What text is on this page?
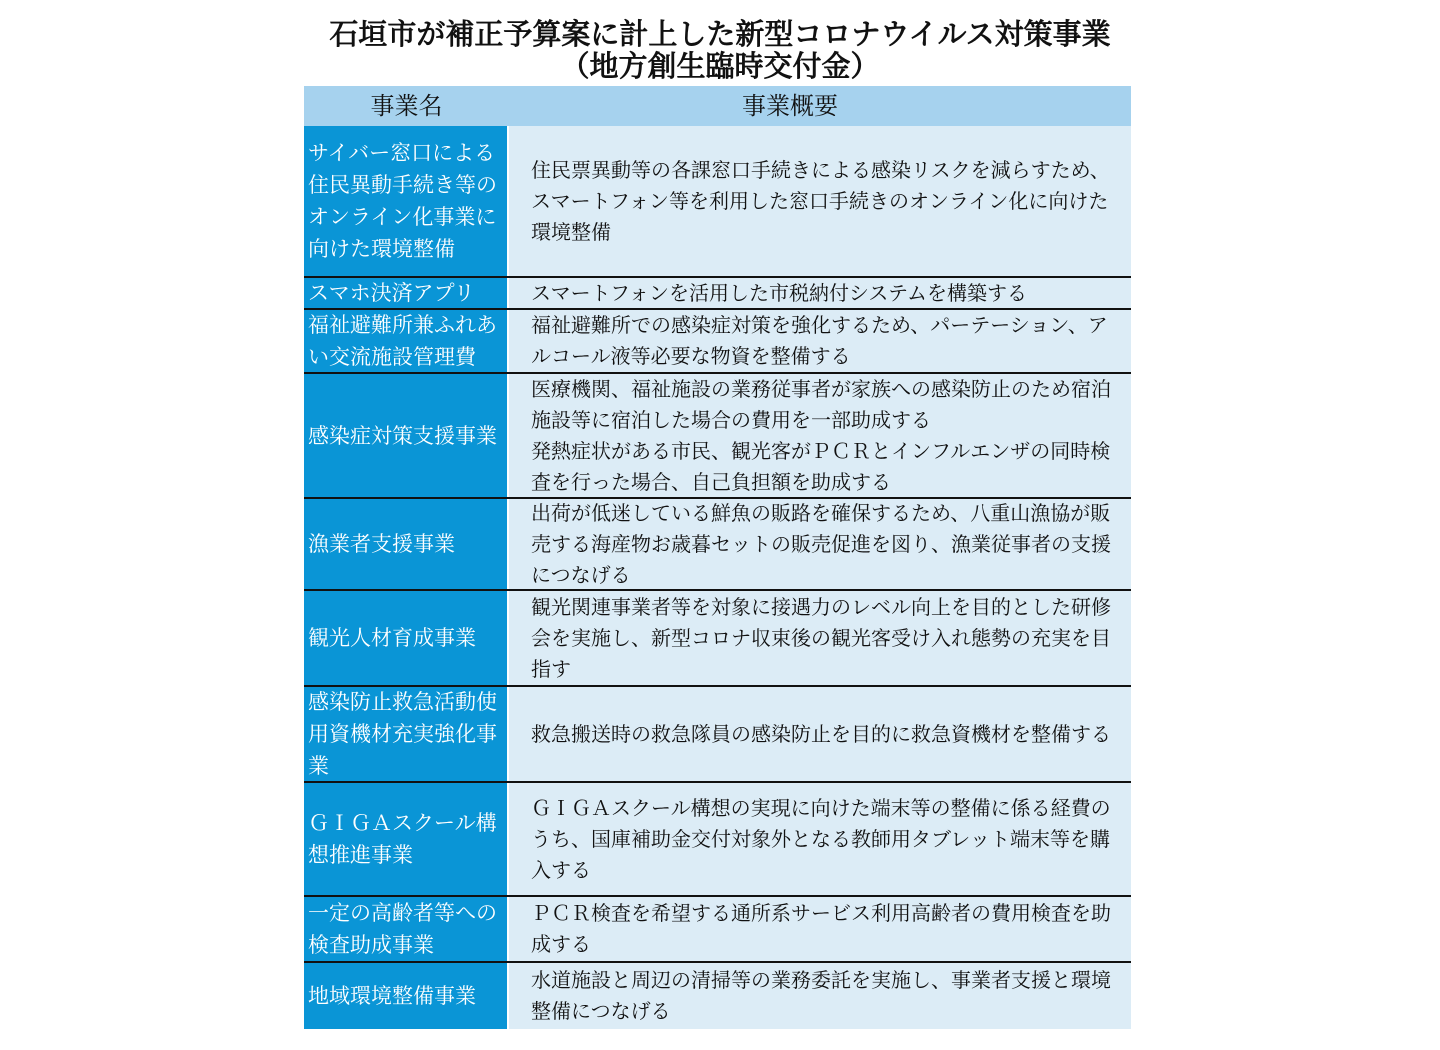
石垣市が補正予算案に計上した新型コロナウイルス対策事業
（地方創生臨時交付金）
事業名	事業概要
サイバー窓口による住民異動手続き等のオンライン化事業に向けた環境整備
住民票異動等の各課窓口手続きによる感染リスクを減らすため、スマートフォン等を利用した窓口手続きのオンライン化に向けた環境整備
スマホ決済アプリ	スマートフォンを活用した市税納付システムを構築する
福祉避難所兼ふれあい交流施設管理費
福祉避難所での感染症対策を強化するため、パーテーション、アルコール液等必要な物資を整備する
感染症対策支援事業
医療機関、福祉施設の業務従事者が家族への感染防止のため宿泊施設等に宿泊した場合の費用を一部助成する
発熱症状がある市民、観光客がＰＣＲとインフルエンザの同時検査を行った場合、自己負担額を助成する
漁業者支援事業
出荷が低迷している鮮魚の販路を確保するため、八重山漁協が販売する海産物お歳暮セットの販売促進を図り、漁業従事者の支援につなげる
観光人材育成事業
観光関連事業者等を対象に接遇力のレベル向上を目的とした研修会を実施し、新型コロナ収束後の観光客受け入れ態勢の充実を目指す
感染防止救急活動使用資機材充実強化事業
救急搬送時の救急隊員の感染防止を目的に救急資機材を整備する
ＧＩＧＡスクール構想推進事業
ＧＩＧＡスクール構想の実現に向けた端末等の整備に係る経費のうち、国庫補助金交付対象外となる教師用タブレット端末等を購入する
一定の高齢者等への検査助成事業
ＰＣＲ検査を希望する通所系サービス利用高齢者の費用検査を助成する
地域環境整備事業
水道施設と周辺の清掃等の業務委託を実施し、事業者支援と環境整備につなげる
